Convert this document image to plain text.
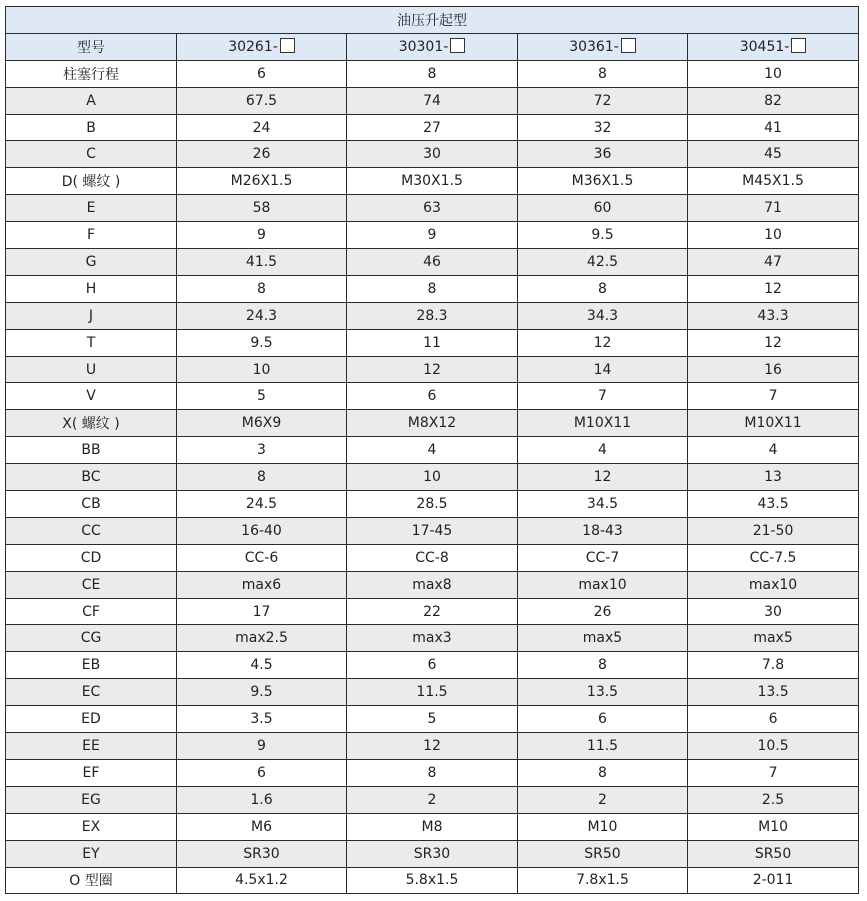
油压升起型				
型号	30261-	30301-	30361-	30451-
柱塞行程	6	8	8	10
A	67.5	74	72	82
B	24	27	32	41
C	26	30	36	45
D( 螺纹 )	M26X1.5	M30X1.5	M36X1.5	M45X1.5
E	58	63	60	71
F	9	9	9.5	10
G	41.5	46	42.5	47
H	8	8	8	12
J	24.3	28.3	34.3	43.3
T	9.5	11	12	12
U	10	12	14	16
V	5	6	7	7
X( 螺纹 )	M6X9	M8X12	M10X11	M10X11
BB	3	4	4	4
BC	8	10	12	13
CB	24.5	28.5	34.5	43.5
CC	16-40	17-45	18-43	21-50
CD	CC-6	CC-8	CC-7	CC-7.5
CE	max6	max8	max10	max10
CF	17	22	26	30
CG	max2.5	max3	max5	max5
EB	4.5	6	8	7.8
EC	9.5	11.5	13.5	13.5
ED	3.5	5	6	6
EE	9	12	11.5	10.5
EF	6	8	8	7
EG	1.6	2	2	2.5
EX	M6	M8	M10	M10
EY	SR30	SR30	SR50	SR50
O 型圈	4.5x1.2	5.8x1.5	7.8x1.5	2-011
